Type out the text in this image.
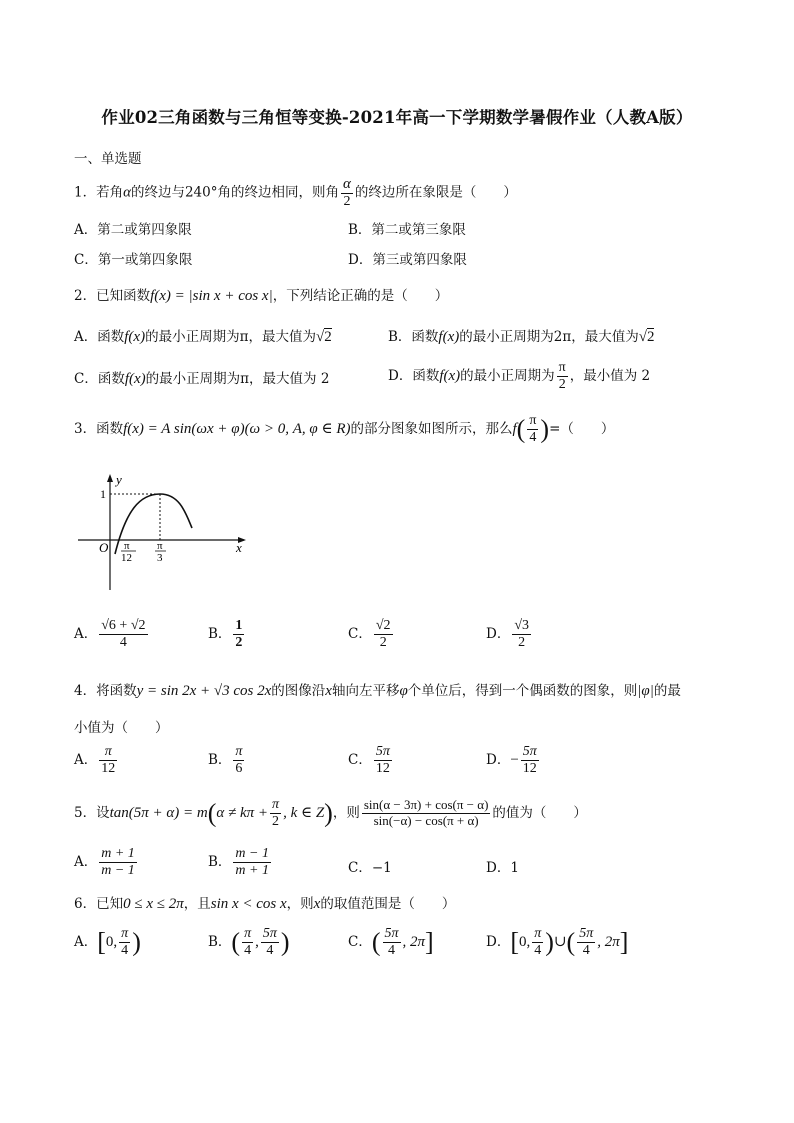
作业02三角函数与三角恒等变换-2021年高一下学期数学暑假作业（人教A版）
一、单选题
1．若角α的终边与240°角的终边相同，则角 $\frac{\alpha}{2}$ 的终边所在象限是（　　）
A．第二或第四象限	B．第二或第三象限
C．第一或第四象限	D．第三或第四象限
2．已知函数f(x) = |sin x + cos x|，下列结论正确的是（　　）
A．函数f(x)的最小正周期为π，最大值为√2	B．函数f(x)的最小正周期为2π，最大值为√2
C．函数f(x)的最小正周期为π，最大值为 2	D．函数f(x)的最小正周期为 $\frac{\pi}{2}$ ，最小值为 2
3．函数f(x) = A sin(ωx + φ)(ω > 0, A, φ ∈ R)的部分图象如图所示，那么$f( \frac{\pi}{4}$ )=（　　）
y
x
O
1
π
12
π
3
A． $\frac{√6 + √2}{4}$	B． $\frac{1}{2}$	C． $\frac{√2}{2}$	D． $\frac{√3}{2}$
4．将函数y = sin 2x + √3 cos 2x的图像沿x轴向左平移φ个单位后，得到一个偶函数的图象，则|φ|的最
小值为（　　）
A． $\frac{\pi}{12}$	B． $\frac{\pi}{6}$	C． $\frac{5\pi}{12}$	D．− $\frac{5\pi}{12}$
5．设$\tan(5\pi + \alpha) = m(\alpha \ne k\pi + \frac{\pi}{2}$ , k ∈ Z)，则 $\frac{\sin(\alpha - 3\pi) + \cos(\pi - \alpha)}{\sin(-\alpha) - \cos(\pi + \alpha)}$ 的值为（　　）
A． $\frac{m + 1}{m - 1}$	B． $\frac{m - 1}{m + 1}$	C．−1	D．1
6．已知0 ≤ x ≤ 2π，且sin x < cos x，则x的取值范围是（　　）
A．[0, $\frac{\pi}{4}$ )	B．( $\frac{\pi}{4}$ , $\frac{5\pi}{4}$ )	C．( $\frac{5\pi}{4}$ , 2π]	D．[0, $\frac{\pi}{4}$ )∪( $\frac{5\pi}{4}$ , 2π]
